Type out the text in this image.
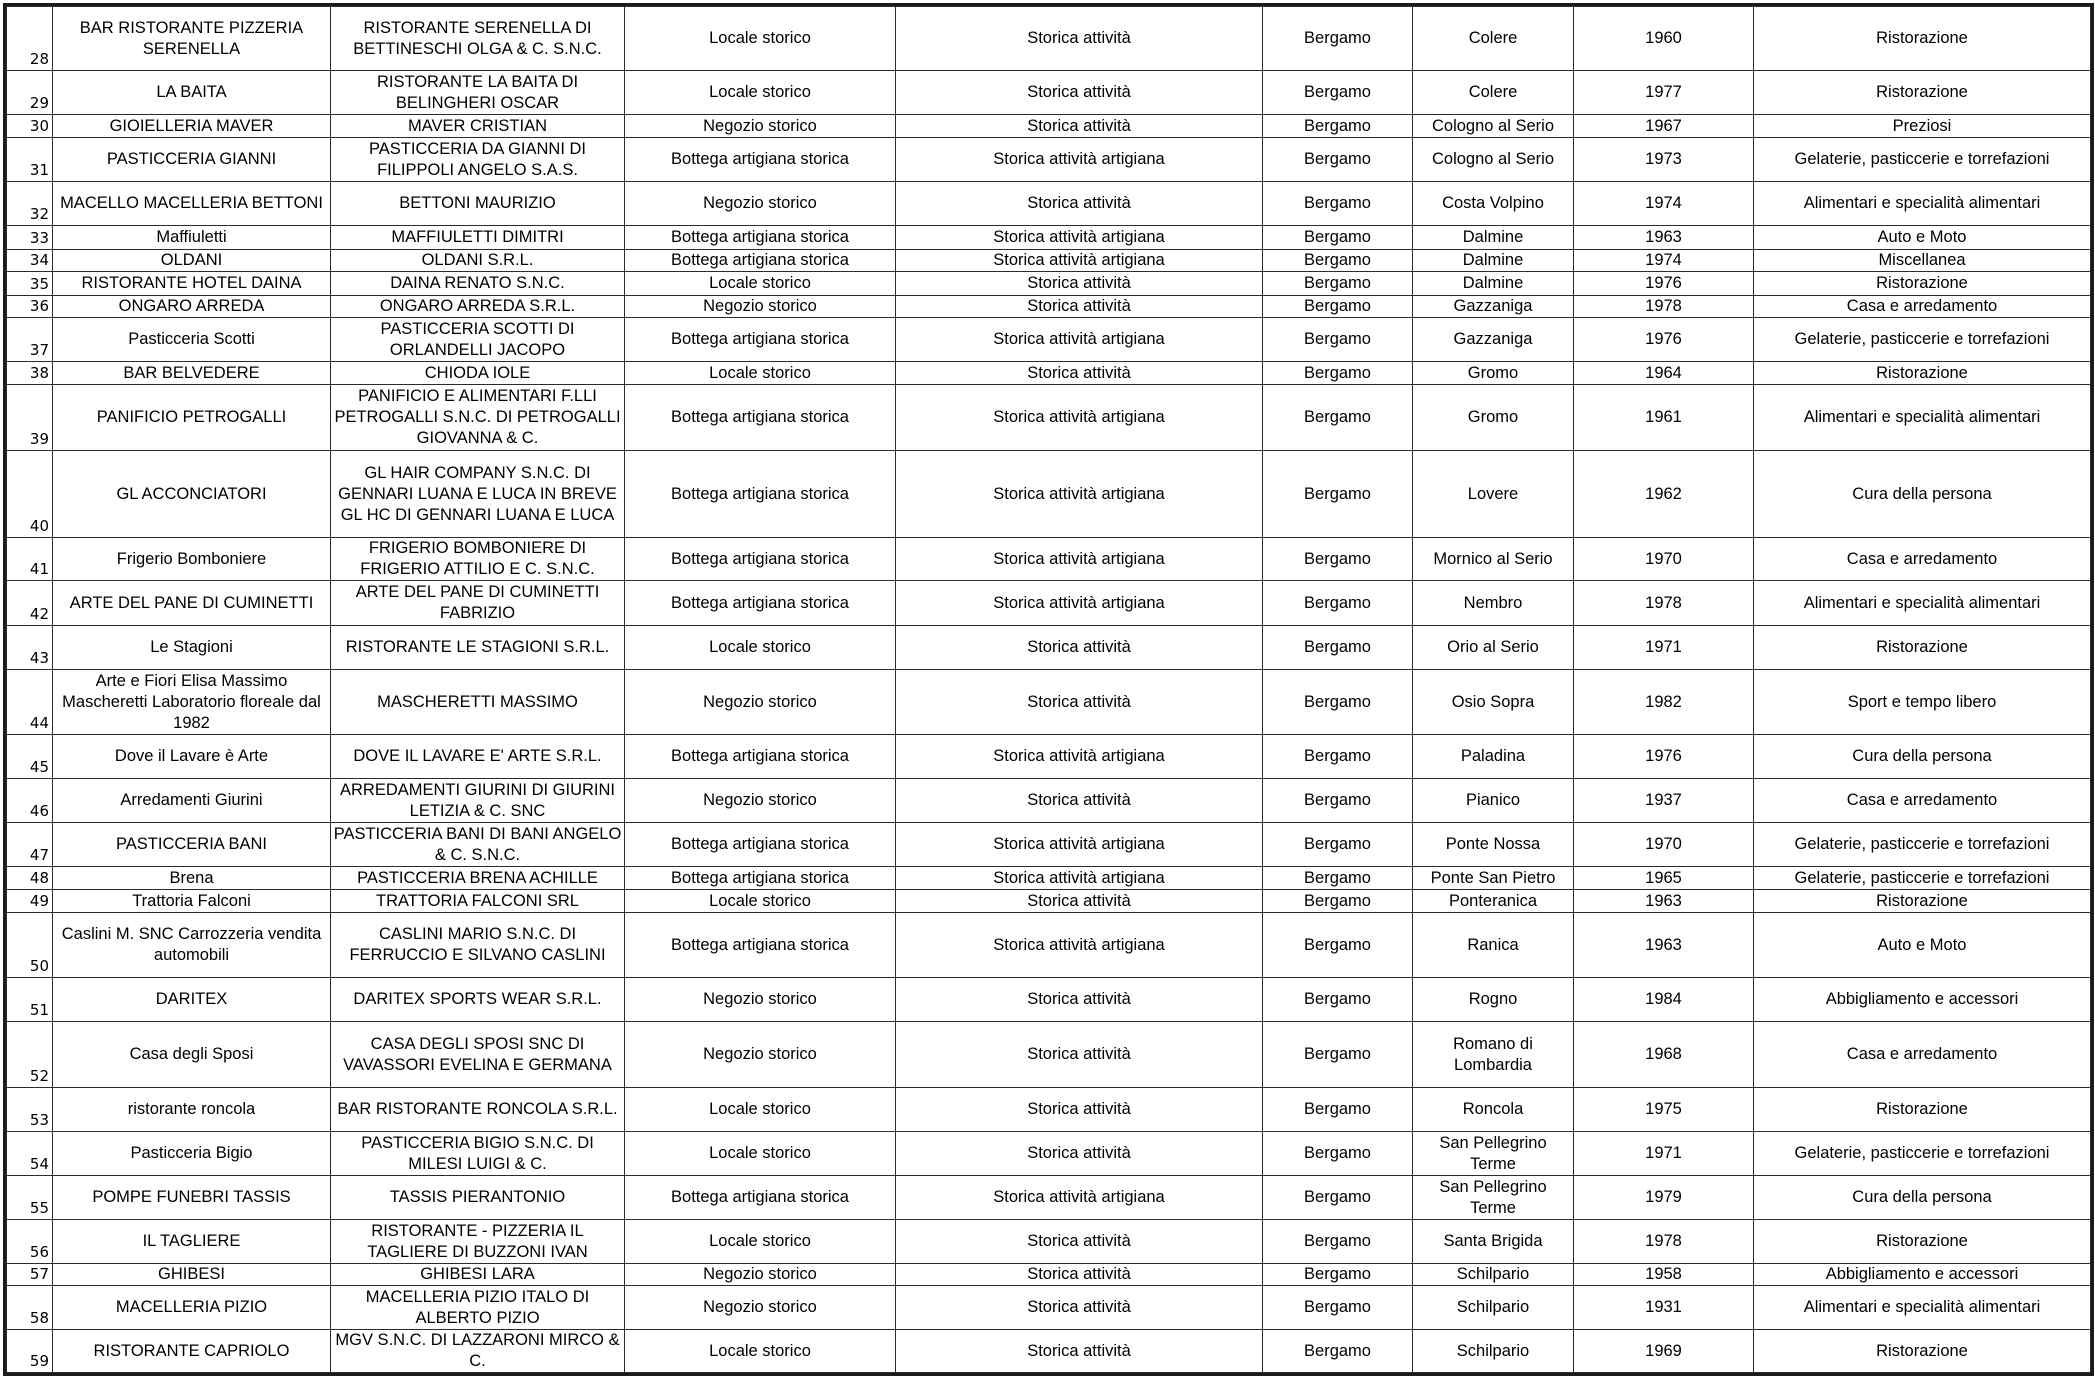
28	BAR RISTORANTE PIZZERIA SERENELLA	RISTORANTE SERENELLA DI BETTINESCHI OLGA & C. S.N.C.	Locale storico	Storica attività	Bergamo	Colere	1960	Ristorazione
29	LA BAITA	RISTORANTE LA BAITA DI BELINGHERI OSCAR	Locale storico	Storica attività	Bergamo	Colere	1977	Ristorazione
30	GIOIELLERIA MAVER	MAVER CRISTIAN	Negozio storico	Storica attività	Bergamo	Cologno al Serio	1967	Preziosi
31	PASTICCERIA GIANNI	PASTICCERIA DA GIANNI DI FILIPPOLI ANGELO S.A.S.	Bottega artigiana storica	Storica attività artigiana	Bergamo	Cologno al Serio	1973	Gelaterie, pasticcerie e torrefazioni
32	MACELLO MACELLERIA BETTONI	BETTONI MAURIZIO	Negozio storico	Storica attività	Bergamo	Costa Volpino	1974	Alimentari e specialità alimentari
33	Maffiuletti	MAFFIULETTI DIMITRI	Bottega artigiana storica	Storica attività artigiana	Bergamo	Dalmine	1963	Auto e Moto
34	OLDANI	OLDANI S.R.L.	Bottega artigiana storica	Storica attività artigiana	Bergamo	Dalmine	1974	Miscellanea
35	RISTORANTE HOTEL DAINA	DAINA RENATO S.N.C.	Locale storico	Storica attività	Bergamo	Dalmine	1976	Ristorazione
36	ONGARO ARREDA	ONGARO ARREDA S.R.L.	Negozio storico	Storica attività	Bergamo	Gazzaniga	1978	Casa e arredamento
37	Pasticceria Scotti	PASTICCERIA SCOTTI DI ORLANDELLI JACOPO	Bottega artigiana storica	Storica attività artigiana	Bergamo	Gazzaniga	1976	Gelaterie, pasticcerie e torrefazioni
38	BAR BELVEDERE	CHIODA IOLE	Locale storico	Storica attività	Bergamo	Gromo	1964	Ristorazione
39	PANIFICIO PETROGALLI	PANIFICIO E ALIMENTARI F.LLI PETROGALLI S.N.C. DI PETROGALLI GIOVANNA & C.	Bottega artigiana storica	Storica attività artigiana	Bergamo	Gromo	1961	Alimentari e specialità alimentari
40	GL ACCONCIATORI	GL HAIR COMPANY S.N.C. DI GENNARI LUANA E LUCA IN BREVE GL HC DI GENNARI LUANA E LUCA	Bottega artigiana storica	Storica attività artigiana	Bergamo	Lovere	1962	Cura della persona
41	Frigerio Bomboniere	FRIGERIO BOMBONIERE DI FRIGERIO ATTILIO E C. S.N.C.	Bottega artigiana storica	Storica attività artigiana	Bergamo	Mornico al Serio	1970	Casa e arredamento
42	ARTE DEL PANE DI CUMINETTI	ARTE DEL PANE DI CUMINETTI FABRIZIO	Bottega artigiana storica	Storica attività artigiana	Bergamo	Nembro	1978	Alimentari e specialità alimentari
43	Le Stagioni	RISTORANTE LE STAGIONI S.R.L.	Locale storico	Storica attività	Bergamo	Orio al Serio	1971	Ristorazione
44	Arte e Fiori Elisa Massimo Mascheretti Laboratorio floreale dal 1982	MASCHERETTI MASSIMO	Negozio storico	Storica attività	Bergamo	Osio Sopra	1982	Sport e tempo libero
45	Dove il Lavare è Arte	DOVE IL LAVARE E' ARTE S.R.L.	Bottega artigiana storica	Storica attività artigiana	Bergamo	Paladina	1976	Cura della persona
46	Arredamenti Giurini	ARREDAMENTI GIURINI DI GIURINI LETIZIA & C. SNC	Negozio storico	Storica attività	Bergamo	Pianico	1937	Casa e arredamento
47	PASTICCERIA BANI	PASTICCERIA BANI DI BANI ANGELO & C. S.N.C.	Bottega artigiana storica	Storica attività artigiana	Bergamo	Ponte Nossa	1970	Gelaterie, pasticcerie e torrefazioni
48	Brena	PASTICCERIA BRENA ACHILLE	Bottega artigiana storica	Storica attività artigiana	Bergamo	Ponte San Pietro	1965	Gelaterie, pasticcerie e torrefazioni
49	Trattoria Falconi	TRATTORIA FALCONI SRL	Locale storico	Storica attività	Bergamo	Ponteranica	1963	Ristorazione
50	Caslini M. SNC Carrozzeria vendita automobili	CASLINI MARIO S.N.C. DI FERRUCCIO E SILVANO CASLINI	Bottega artigiana storica	Storica attività artigiana	Bergamo	Ranica	1963	Auto e Moto
51	DARITEX	DARITEX SPORTS WEAR S.R.L.	Negozio storico	Storica attività	Bergamo	Rogno	1984	Abbigliamento e accessori
52	Casa degli Sposi	CASA DEGLI SPOSI SNC DI VAVASSORI EVELINA E GERMANA	Negozio storico	Storica attività	Bergamo	Romano di Lombardia	1968	Casa e arredamento
53	ristorante roncola	BAR RISTORANTE RONCOLA S.R.L.	Locale storico	Storica attività	Bergamo	Roncola	1975	Ristorazione
54	Pasticceria Bigio	PASTICCERIA BIGIO S.N.C. DI MILESI LUIGI & C.	Locale storico	Storica attività	Bergamo	San Pellegrino Terme	1971	Gelaterie, pasticcerie e torrefazioni
55	POMPE FUNEBRI TASSIS	TASSIS PIERANTONIO	Bottega artigiana storica	Storica attività artigiana	Bergamo	San Pellegrino Terme	1979	Cura della persona
56	IL TAGLIERE	RISTORANTE - PIZZERIA IL TAGLIERE DI BUZZONI IVAN	Locale storico	Storica attività	Bergamo	Santa Brigida	1978	Ristorazione
57	GHIBESI	GHIBESI LARA	Negozio storico	Storica attività	Bergamo	Schilpario	1958	Abbigliamento e accessori
58	MACELLERIA PIZIO	MACELLERIA PIZIO ITALO DI ALBERTO PIZIO	Negozio storico	Storica attività	Bergamo	Schilpario	1931	Alimentari e specialità alimentari
59	RISTORANTE CAPRIOLO	MGV S.N.C. DI LAZZARONI MIRCO & C.	Locale storico	Storica attività	Bergamo	Schilpario	1969	Ristorazione
